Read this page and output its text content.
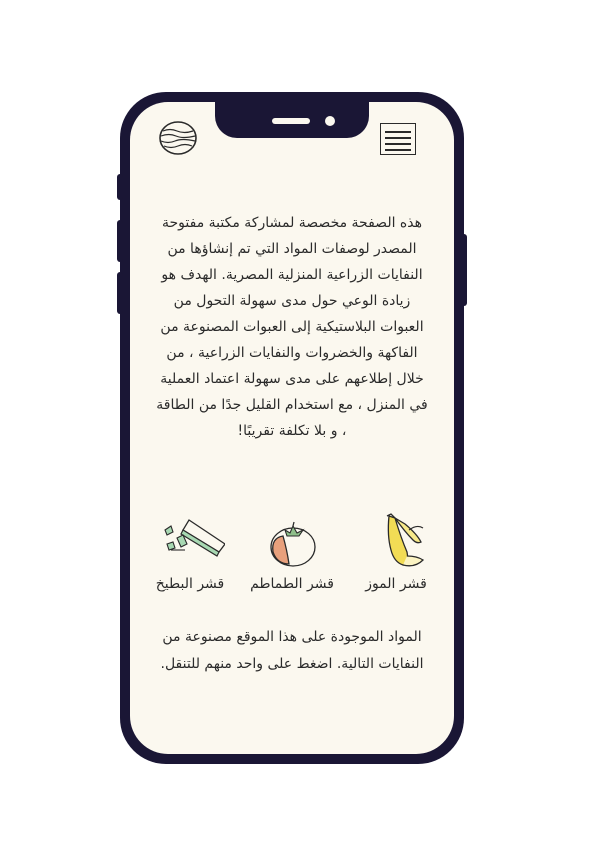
هذه الصفحة مخصصة لمشاركة مكتبة مفتوحة المصدر لوصفات المواد التي تم إنشاؤها من النفايات الزراعية المنزلية المصرية. الهدف هو زيادة الوعي حول مدى سهولة التحول من العبوات البلاستيكية إلى العبوات المصنوعة من الفاكهة والخضروات والنفايات الزراعية ، من خلال إطلاعهم على مدى سهولة اعتماد العملية في المنزل ، مع استخدام القليل جدًا من الطاقة ، و بلا تكلفة تقريبًا!

قشر الموز
قشر الطماطم
قشر البطيخ

المواد الموجودة على هذا الموقع مصنوعة من النفايات التالية. اضغط على واحد منهم للتنقل.
